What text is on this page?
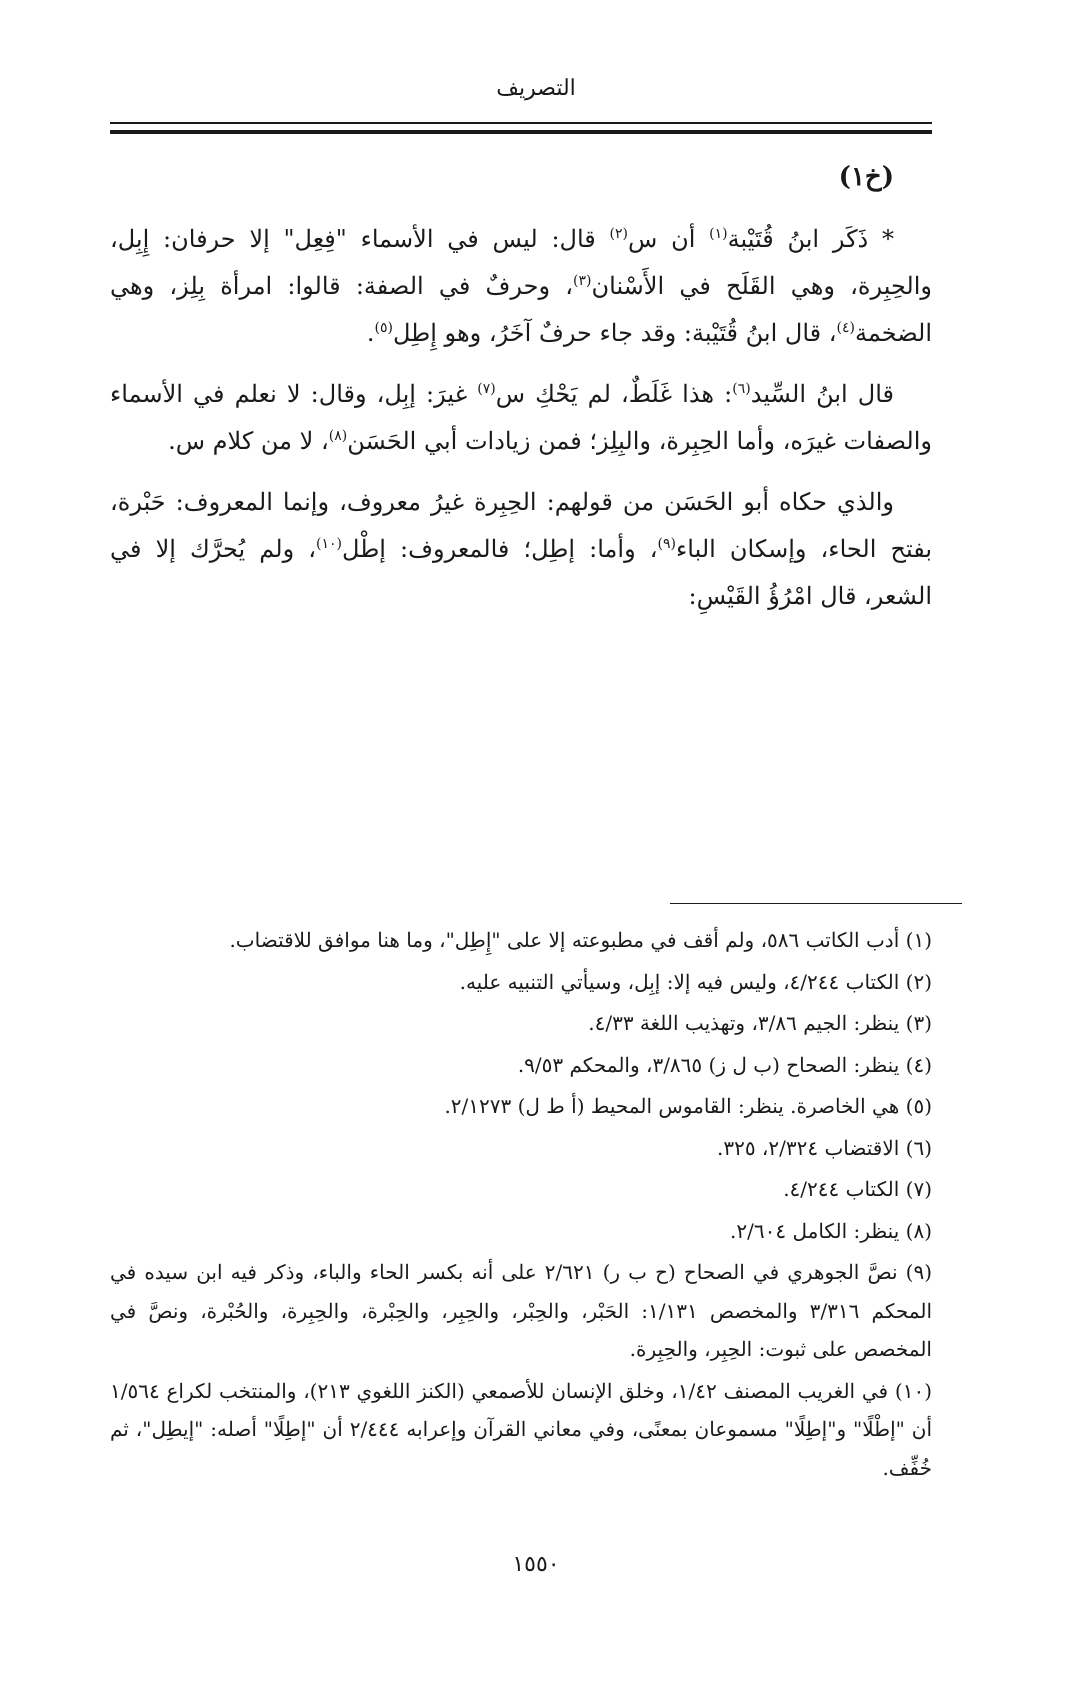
التصريف

(خ١)

* ذَكَر ابنُ قُتَيْبة$^{(١)}$ أن س$^{(٢)}$ قال: ليس في الأسماء "فِعِل" إلا حرفان: إِبِل، والحِبِرة، وهي القَلَح في الأَسْنان$^{(٣)}$، وحرفٌ في الصفة: قالوا: امرأة بِلِز، وهي الضخمة$^{(٤)}$، قال ابنُ قُتَيْبة: وقد جاء حرفٌ آخَرُ، وهو إِطِل$^{(٥)}$.

قال ابنُ السِّيد$^{(٦)}$: هذا غَلَطٌ، لم يَحْكِ س$^{(٧)}$ غيرَ: إبِل، وقال: لا نعلم في الأسماء والصفات غيرَه، وأما الحِبِرة، والبِلِز؛ فمن زيادات أبي الحَسَن$^{(٨)}$، لا من كلام س.

والذي حكاه أبو الحَسَن من قولهم: الحِبِرة غيرُ معروف، وإنما المعروف: حَبْرة، بفتح الحاء، وإسكان الباء$^{(٩)}$، وأما: إطِل؛ فالمعروف: إطْل$^{(١٠)}$، ولم يُحرَّك إلا في الشعر، قال امْرُؤُ القَيْسِ:

(١) أدب الكاتب ٥٨٦، ولم أقف في مطبوعته إلا على "إِطِل"، وما هنا موافق للاقتضاب.

(٢) الكتاب ٤/٢٤٤، وليس فيه إلا: إبِل، وسيأتي التنبيه عليه.

(٣) ينظر: الجيم ٣/٨٦، وتهذيب اللغة ٤/٣٣.

(٤) ينظر: الصحاح (ب ل ز) ٣/٨٦٥، والمحكم ٩/٥٣.

(٥) هي الخاصرة. ينظر: القاموس المحيط (أ ط ل) ٢/١٢٧٣.

(٦) الاقتضاب ٢/٣٢٤، ٣٢٥.

(٧) الكتاب ٤/٢٤٤.

(٨) ينظر: الكامل ٢/٦٠٤.

(٩) نصَّ الجوهري في الصحاح (ح ب ر) ٢/٦٢١ على أنه بكسر الحاء والباء، وذكر فيه ابن سيده في المحكم ٣/٣١٦ والمخصص ١/١٣١: الحَبْر، والحِبْر، والحِبِر، والحِبْرة، والحِبِرة، والحُبْرة، ونصَّ في المخصص على ثبوت: الحِبِر، والحِبِرة.

(١٠) في الغريب المصنف ١/٤٢، وخلق الإنسان للأصمعي (الكنز اللغوي ٢١٣)، والمنتخب لكراع ١/٥٦٤ أن "إطْلًا" و"إطِلًا" مسموعان بمعنًى، وفي معاني القرآن وإعرابه ٢/٤٤٤ أن "إطِلًا" أصله: "إيطِل"، ثم خُفِّف.

١٥٥٠
